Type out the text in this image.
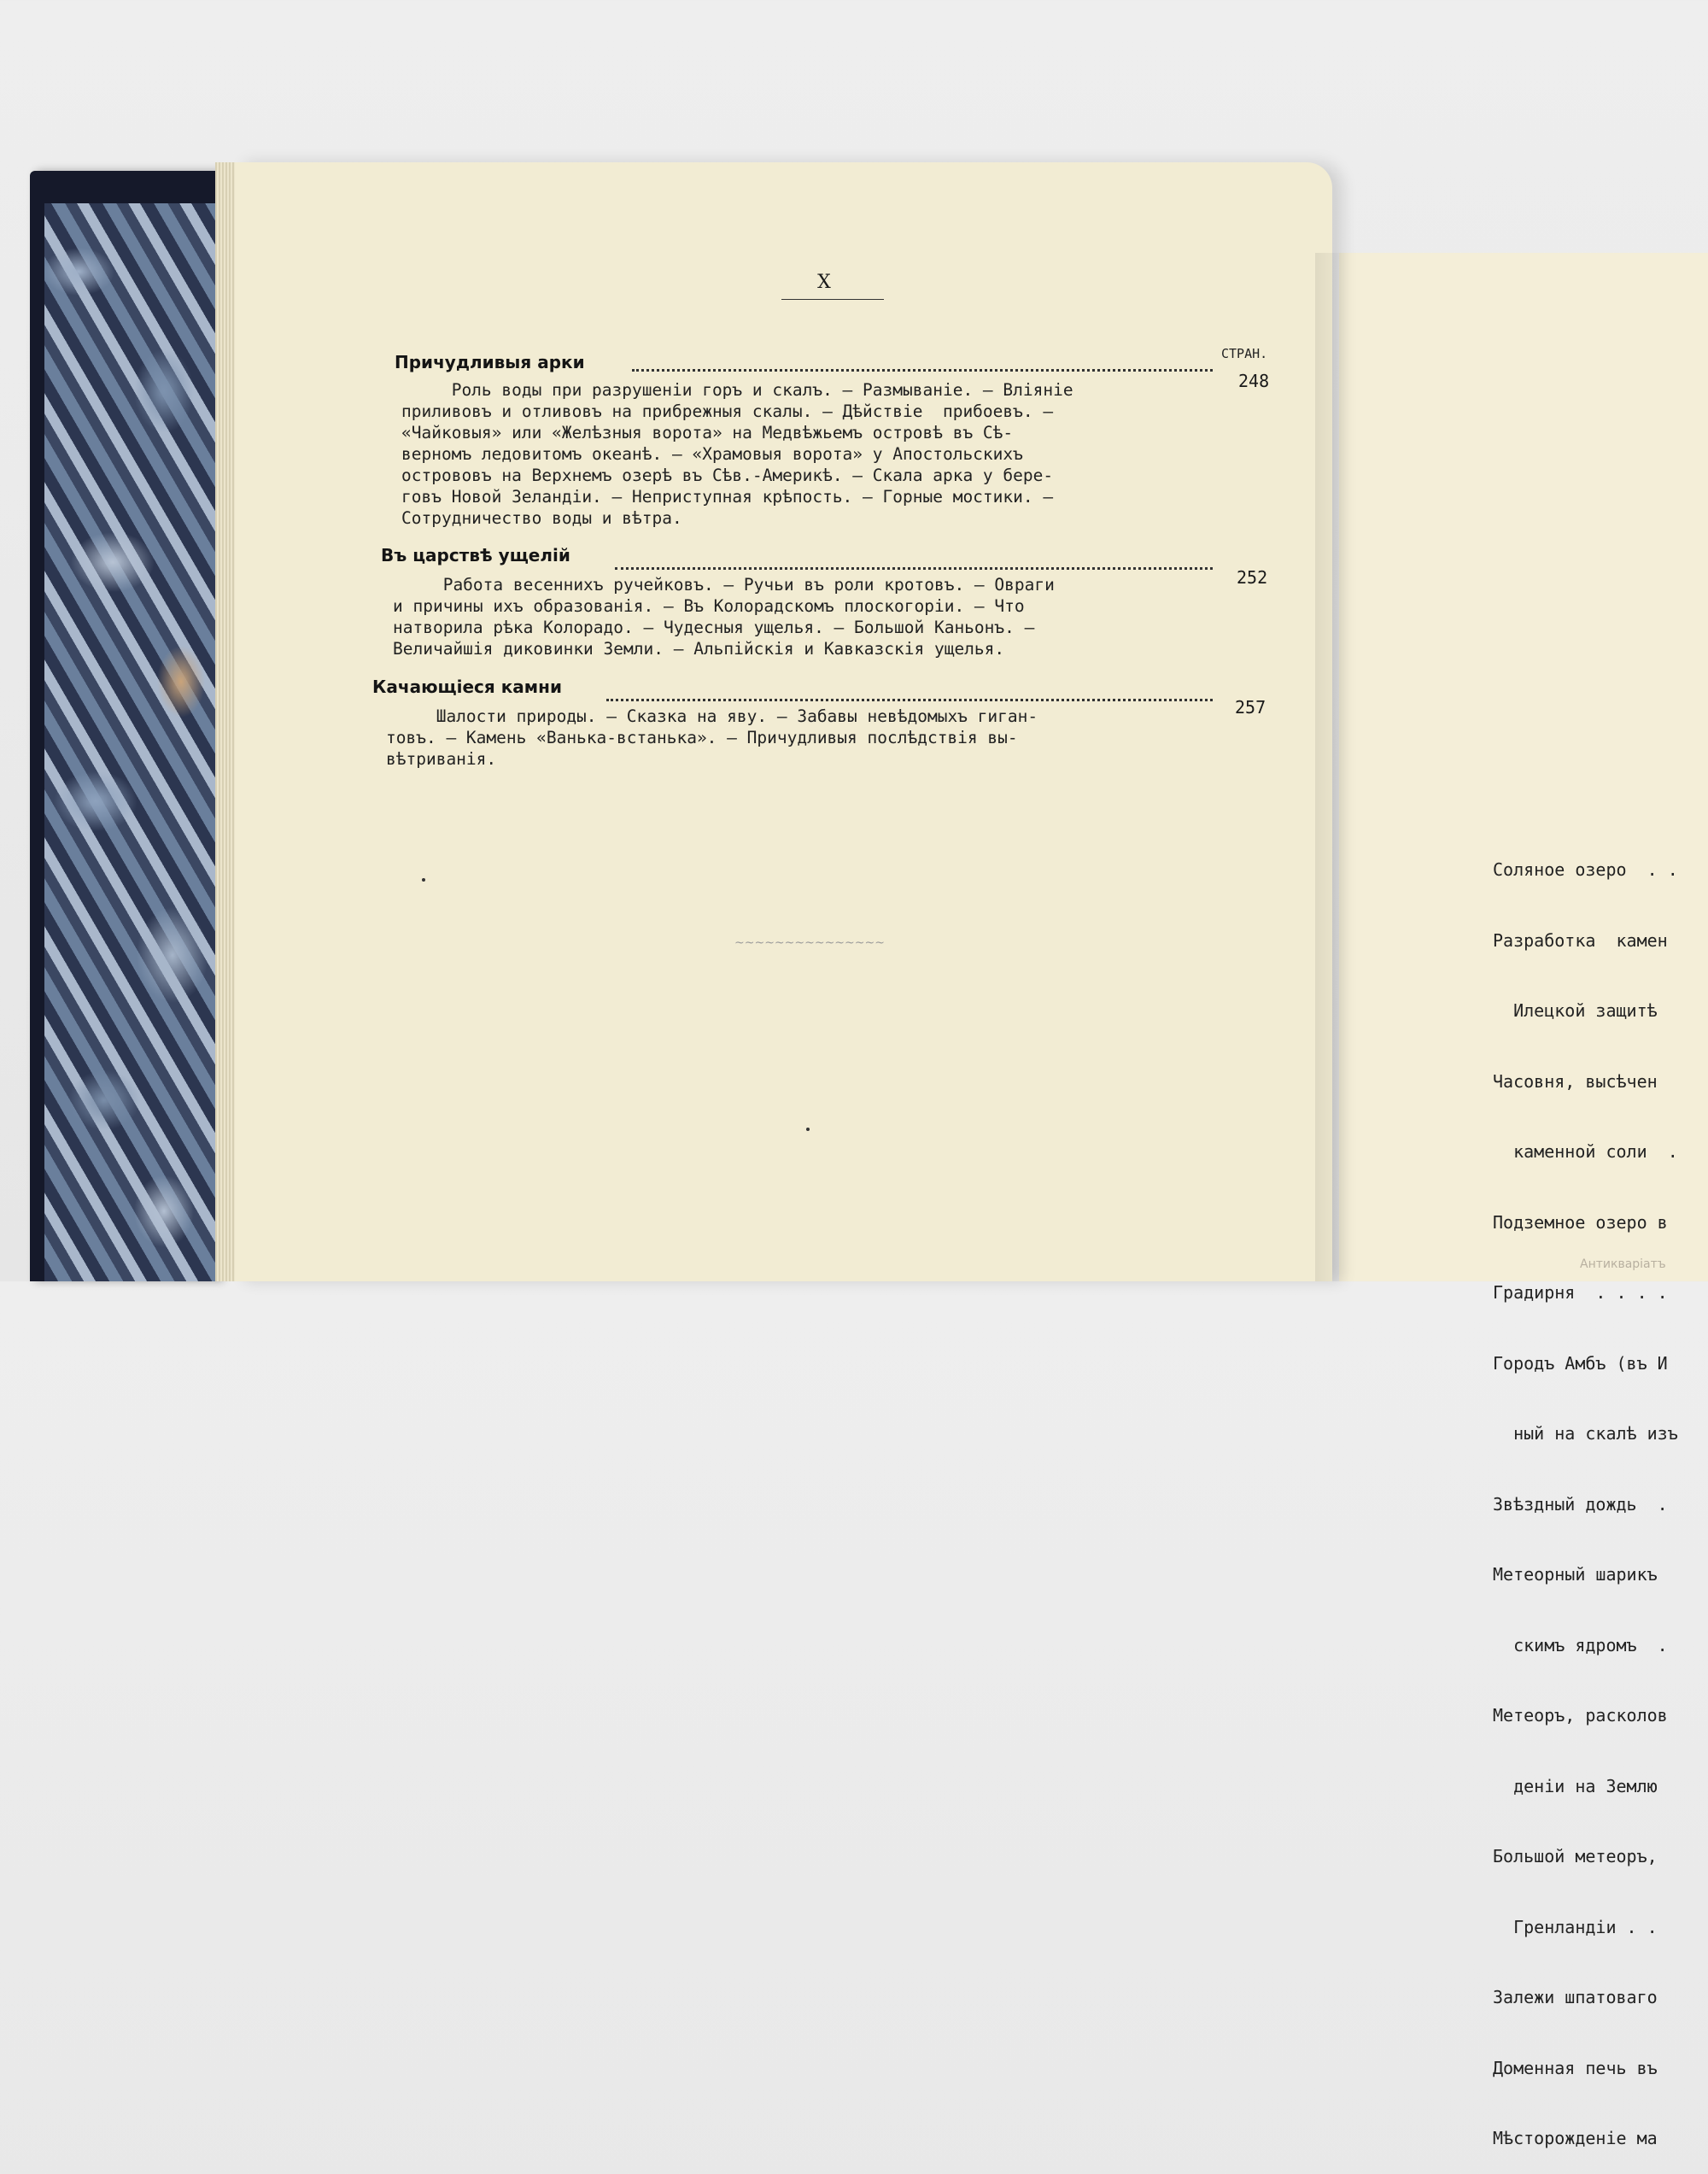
X
СТРАН.
Причудливыя арки
248
Роль воды при разрушенiи горъ и скалъ. — Размыванiе. — Влiянiе
приливовъ и отливовъ на прибрежныя скалы. — Дѣйствiе  прибоевъ. —
«Чайковыя» или «Желѣзныя ворота» на Медвѣжьемъ островѣ въ Сѣ-
верномъ ледовитомъ океанѣ. — «Храмовыя ворота» у Апостольскихъ
острововъ на Верхнемъ озерѣ въ Сѣв.-Америкѣ. — Скала арка у бере-
говъ Новой Зеландiи. — Неприступная крѣпость. — Горные мостики. —
Сотрудничество воды и вѣтра.
Въ царствѣ ущелiй
252
Работа весеннихъ ручейковъ. — Ручьи въ роли кротовъ. — Овраги
и причины ихъ образованiя. — Въ Колорадскомъ плоскогорiи. — Что
натворила рѣка Колорадо. — Чудесныя ущелья. — Большой Каньонъ. —
Величайшiя диковинки Земли. — Альпiйскiя и Кавказскiя ущелья.
Качающiеся камни
257
Шалости природы. — Сказка на яву. — Забавы невѣдомыхъ гиган-
товъ. — Камень «Ванька-встанька». — Причудливыя послѣдствiя вы-
вѣтриванiя.
~~~~~~~~~~~~~~~

Соляное озеро  . .

Разработка  камен

Илецкой защитѣ

Часовня, высѣчен

каменной соли  .

Подземное озеро в

Градирня  . . . .

Городъ Амбъ (въ И

ный на скалѣ изъ

Звѣздный дождь  .

Метеорный шарикъ

скимъ ядромъ  .

Метеоръ, расколов

денiи на Землю

Большой метеоръ,

Гренландiи . .

Залежи шпатоваго

Доменная печь въ

Мѣсторожденiе ма

Антикварiатъ
